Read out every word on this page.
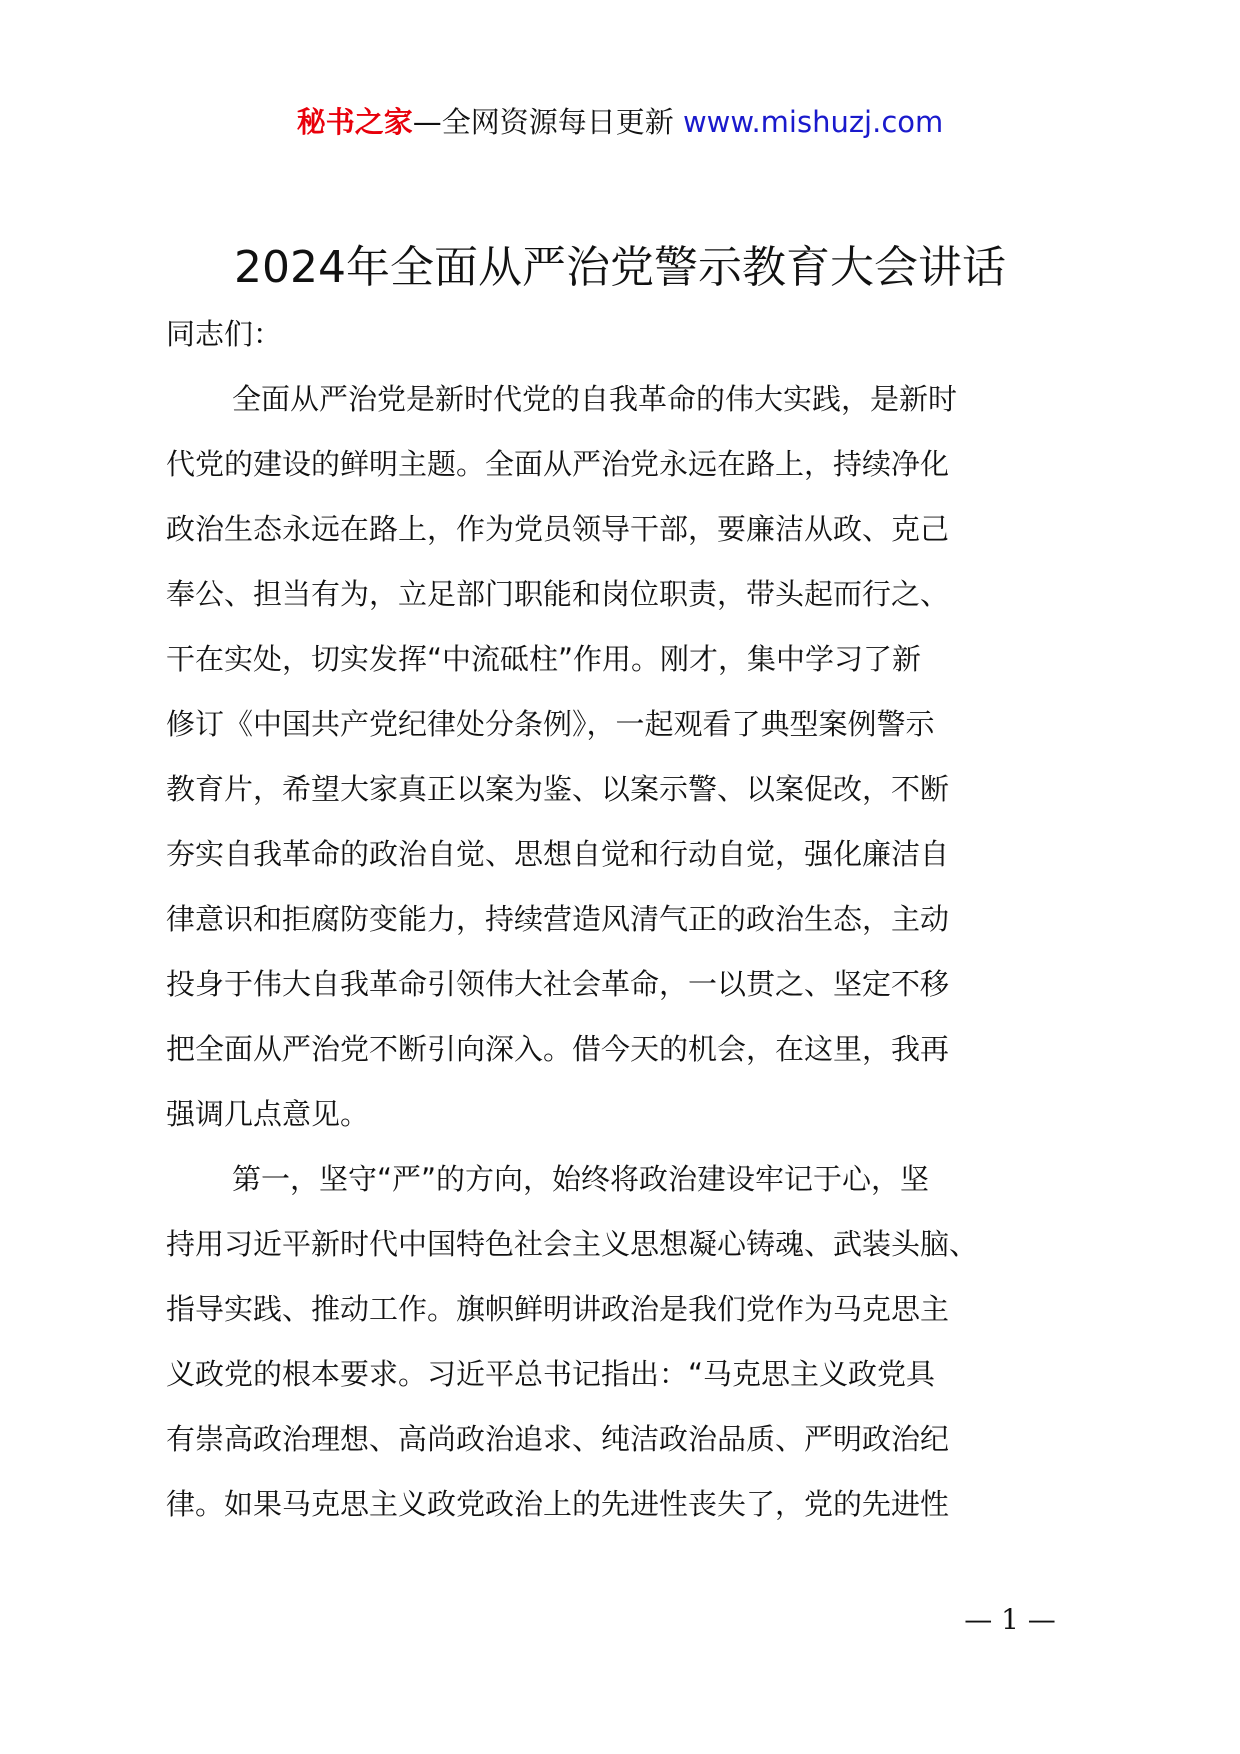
秘书之家—全网资源每日更新 www.mishuzj.com
2024年全面从严治党警示教育大会讲话

同志们：

全面从严治党是新时代党的自我革命的伟大实践，是新时

代党的建设的鲜明主题。全面从严治党永远在路上，持续净化

政治生态永远在路上，作为党员领导干部，要廉洁从政、克己

奉公、担当有为，立足部门职能和岗位职责，带头起而行之、

干在实处，切实发挥“中流砥柱”作用。刚才，集中学习了新

修订《中国共产党纪律处分条例》，一起观看了典型案例警示

教育片，希望大家真正以案为鉴、以案示警、以案促改，不断

夯实自我革命的政治自觉、思想自觉和行动自觉，强化廉洁自

律意识和拒腐防变能力，持续营造风清气正的政治生态，主动

投身于伟大自我革命引领伟大社会革命，一以贯之、坚定不移

把全面从严治党不断引向深入。借今天的机会，在这里，我再

强调几点意见。

第一，坚守“严”的方向，始终将政治建设牢记于心，坚

持用习近平新时代中国特色社会主义思想凝心铸魂、武装头脑、

指导实践、推动工作。旗帜鲜明讲政治是我们党作为马克思主

义政党的根本要求。习近平总书记指出：“马克思主义政党具

有崇高政治理想、高尚政治追求、纯洁政治品质、严明政治纪

律。如果马克思主义政党政治上的先进性丧失了，党的先进性

— 1 —
